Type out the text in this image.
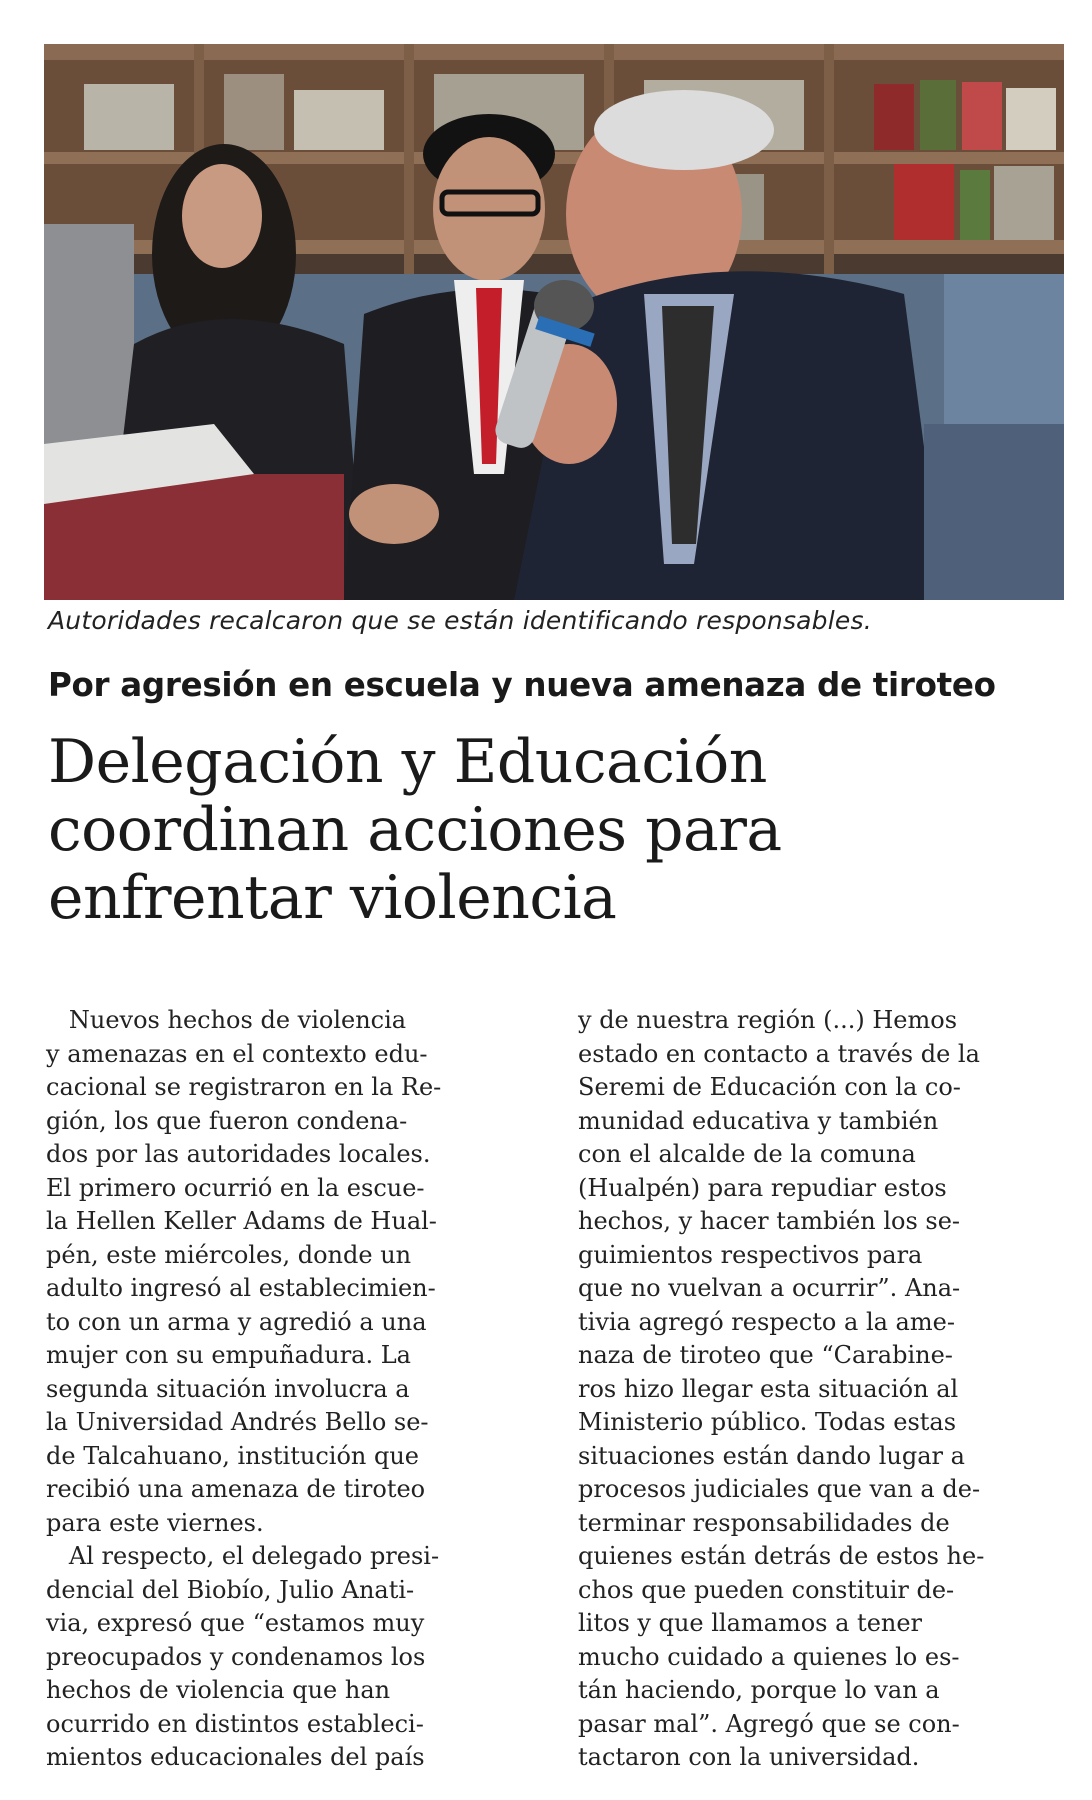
Autoridades recalcaron que se están identificando responsables.
Por agresión en escuela y nueva amenaza de tiroteo
Delegación y Educación
coordinan acciones para
enfrentar violencia
Nuevos hechos de violencia
y amenazas en el contexto edu-
cacional se registraron en la Re-
gión, los que fueron condena-
dos por las autoridades locales.
El primero ocurrió en la escue-
la Hellen Keller Adams de Hual-
pén, este miércoles, donde un
adulto ingresó al establecimien-
to con un arma y agredió a una
mujer con su empuñadura. La
segunda situación involucra a
la Universidad Andrés Bello se-
de Talcahuano, institución que
recibió una amenaza de tiroteo
para este viernes.
Al respecto, el delegado presi-
dencial del Biobío, Julio Anati-
via, expresó que “estamos muy
preocupados y condenamos los
hechos de violencia que han
ocurrido en distintos estableci-
mientos educacionales del país
y de nuestra región (...) Hemos
estado en contacto a través de la
Seremi de Educación con la co-
munidad educativa y también
con el alcalde de la comuna
(Hualpén) para repudiar estos
hechos, y hacer también los se-
guimientos respectivos para
que no vuelvan a ocurrir”. Ana-
tivia agregó respecto a la ame-
naza de tiroteo que “Carabine-
ros hizo llegar esta situación al
Ministerio público. Todas estas
situaciones están dando lugar a
procesos judiciales que van a de-
terminar responsabilidades de
quienes están detrás de estos he-
chos que pueden constituir de-
litos y que llamamos a tener
mucho cuidado a quienes lo es-
tán haciendo, porque lo van a
pasar mal”. Agregó que se con-
tactaron con la universidad.
